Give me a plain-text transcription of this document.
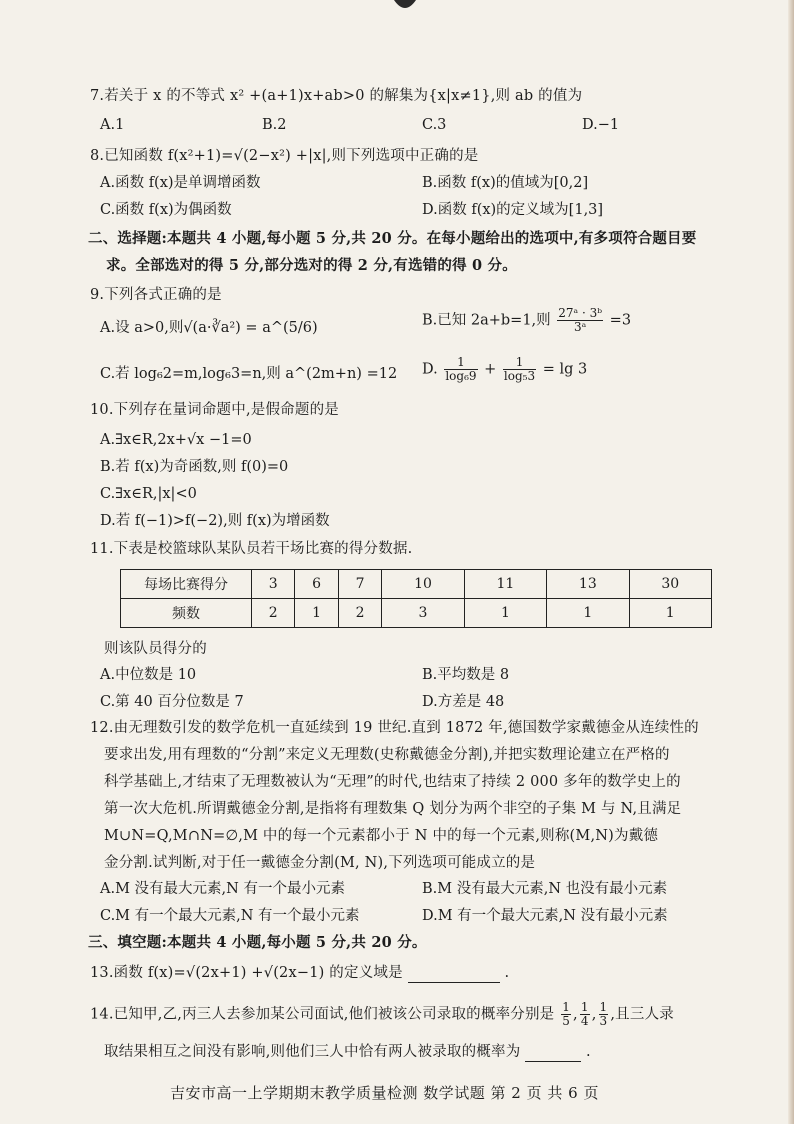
7.若关于 x 的不等式 x² +(a+1)x+ab>0 的解集为{x|x≠1},则 ab 的值为
A.1	B.2	C.3	D.−1
8.已知函数 f(x²+1)=√(2−x²) +|x|,则下列选项中正确的是
A.函数 f(x)是单调增函数	B.函数 f(x)的值域为[0,2]
C.函数 f(x)为偶函数	D.函数 f(x)的定义域为[1,3]
二、选择题:本题共 4 小题,每小题 5 分,共 20 分。在每小题给出的选项中,有多项符合题目要
求。全部选对的得 5 分,部分选对的得 2 分,有选错的得 0 分。
9.下列各式正确的是
A.设 a>0,则√(a·∛a²) = a^(5/6)	B.已知 2a+b=1,则 $\frac{\text{27ᵃ · 3ᵇ}}{\text{3ᵃ}} =3$
C.若 log₆2=m,log₆3=n,则 a^(2m+n) =12 D. $\frac{1}{\text{log₆9}} + \frac{1}{\text{log₅3}} = \lg 3$
10.下列存在量词命题中,是假命题的是
A.∃x∈R,2x+√x −1=0
B.若 f(x)为奇函数,则 f(0)=0
C.∃x∈R,|x|<0
D.若 f(−1)>f(−2),则 f(x)为增函数
11.下表是校篮球队某队员若干场比赛的得分数据.
每场比赛得分	3	6	7	10	11	13	30
频数	2	1	2	3	1	1	1
则该队员得分的
A.中位数是 10	B.平均数是 8
C.第 40 百分位数是 7	D.方差是 48
12.由无理数引发的数学危机一直延续到 19 世纪.直到 1872 年,德国数学家戴德金从连续性的
要求出发,用有理数的“分割”来定义无理数(史称戴德金分割),并把实数理论建立在严格的
科学基础上,才结束了无理数被认为“无理”的时代,也结束了持续 2 000 多年的数学史上的
第一次大危机.所谓戴德金分割,是指将有理数集 Q 划分为两个非空的子集 M 与 N,且满足
M∪N=Q,M∩N=∅,M 中的每一个元素都小于 N 中的每一个元素,则称(M,N)为戴德
金分割.试判断,对于任一戴德金分割(M, N),下列选项可能成立的是
A.M 没有最大元素,N 有一个最小元素	B.M 没有最大元素,N 也没有最小元素
C.M 有一个最大元素,N 有一个最小元素	D.M 有一个最大元素,N 没有最小元素
三、填空题:本题共 4 小题,每小题 5 分,共 20 分。
13.函数 f(x)=√(2x+1) +√(2x−1) 的定义域是	.
14.已知甲,乙,丙三人去参加某公司面试,他们被该公司录取的概率分别是 $\frac{1}{5}$ , $\frac{1}{4}$ , $\frac{1}{3}$ ,且三人录
取结果相互之间没有影响,则他们三人中恰有两人被录取的概率为	.
吉安市高一上学期期末教学质量检测 数学试题 第 2 页 共 6 页
